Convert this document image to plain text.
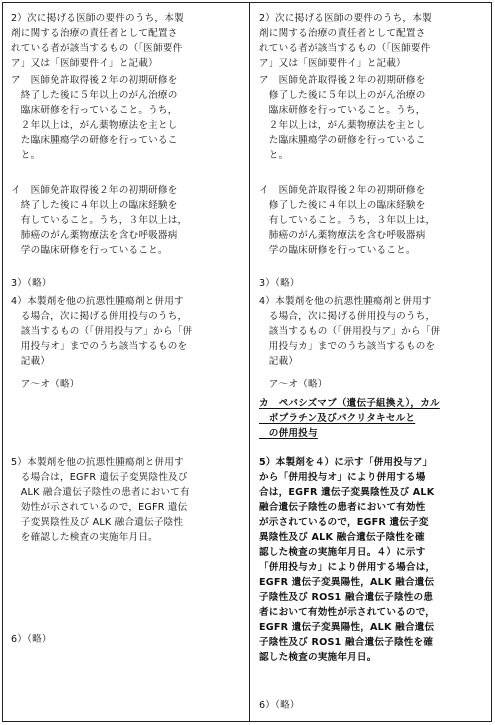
2）次に掲げる医師の要件のうち，本製
剤に関する治療の責任者として配置さ
れている者が該当するもの（「医師要件
ア」又は「医師要件イ」と記載）
ア　医師免許取得後２年の初期研修を
　終了した後に５年以上のがん治療の
　臨床研修を行っていること。うち，
　２年以上は，がん薬物療法を主とし
　た臨床腫瘍学の研修を行っているこ
　と。
イ　医師免許取得後２年の初期研修を
　終了した後に４年以上の臨床経験を
　有していること。うち，３年以上は，
　肺癌のがん薬物療法を含む呼吸器病
　学の臨床研修を行っていること。
3）（略）
4）本製剤を他の抗悪性腫瘍剤と併用す
　る場合，次に掲げる併用投与のうち，
　該当するもの（「併用投与ア」から「併
　用投与オ」までのうち該当するものを
　記載）
　ア～オ（略）
5）本製剤を他の抗悪性腫瘍剤と併用す
　る場合は，EGFR 遺伝子変異陰性及び
　ALK 融合遺伝子陰性の患者において有
　効性が示されているので，EGFR 遺伝
　子変異陰性及び ALK 融合遺伝子陰性
　を確認した検査の実施年月日。
6）（略）
2）次に掲げる医師の要件のうち，本製
剤に関する治療の責任者として配置さ
れている者が該当するもの（「医師要件
ア」又は「医師要件イ」と記載）
ア　医師免許取得後２年の初期研修を
　修了した後に５年以上のがん治療の
　臨床研修を行っていること。うち，
　２年以上は，がん薬物療法を主とし
　た臨床腫瘍学の研修を行っているこ
　と。
イ　医師免許取得後２年の初期研修を
　修了した後に４年以上の臨床経験を
　有していること。うち，３年以上は，
　肺癌のがん薬物療法を含む呼吸器病
　学の臨床研修を行っていること。
3）（略）
4）本製剤を他の抗悪性腫瘍剤と併用す
　る場合，次に掲げる併用投与のうち，
　該当するもの（「併用投与ア」から「併
　用投与カ」までのうち該当するものを
　記載）
　ア～オ（略）
カ　ペバシズマブ（遺伝子組換え），カル
　ボプラチン及びパクリタキセルと
　の併用投与
5）本製剤を４）に示す「併用投与ア」
から「併用投与オ」により併用する場
合は，EGFR 遺伝子変異陰性及び ALK
融合遺伝子陰性の患者において有効性
が示されているので，EGFR 遺伝子変
異陰性及び ALK 融合遺伝子陰性を確
認した検査の実施年月日。４）に示す
「併用投与カ」により併用する場合は，
EGFR 遺伝子変異陽性，ALK 融合遺伝
子陰性及び ROS1 融合遺伝子陰性の患
者において有効性が示されているので，
EGFR 遺伝子変異陽性，ALK 融合遺伝
子陰性及び ROS1 融合遺伝子陰性を確
認した検査の実施年月日。
6）（略）
